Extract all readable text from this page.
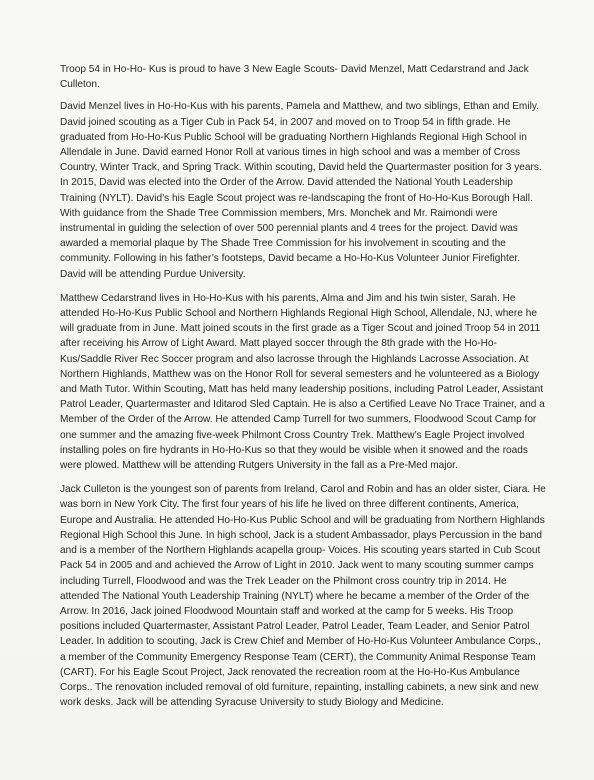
Troop 54 in Ho-Ho- Kus is proud to have 3 New Eagle Scouts- David Menzel, Matt Cedarstrand and Jack Culleton.

David Menzel lives in Ho-Ho-Kus with his parents, Pamela and Matthew, and two siblings, Ethan and Emily. David joined scouting as a Tiger Cub in Pack 54, in 2007 and moved on to Troop 54 in fifth grade. He graduated from Ho-Ho-Kus Public School will be graduating Northern Highlands Regional High School in Allendale in June. David earned Honor Roll at various times in high school and was a member of Cross Country, Winter Track, and Spring Track. Within scouting, David held the Quartermaster position for 3 years. In 2015, David was elected into the Order of the Arrow. David attended the National Youth Leadership Training (NYLT). David’s his Eagle Scout project was re-landscaping the front of Ho-Ho-Kus Borough Hall. With guidance from the Shade Tree Commission members, Mrs. Monchek and Mr. Raimondi were instrumental in guiding the selection of over 500 perennial plants and 4 trees for the project. David was awarded a memorial plaque by The Shade Tree Commission for his involvement in scouting and the community. Following in his father’s footsteps, David became a Ho-Ho-Kus Volunteer Junior Firefighter. David will be attending Purdue University.

Matthew Cedarstrand lives in Ho-Ho-Kus with his parents, Alma and Jim and his twin sister, Sarah. He attended Ho-Ho-Kus Public School and Northern Highlands Regional High School, Allendale, NJ, where he will graduate from in June. Matt joined scouts in the first grade as a Tiger Scout and joined Troop 54 in 2011 after receiving his Arrow of Light Award. Matt played soccer through the 8th grade with the Ho-Ho-Kus/Saddle River Rec Soccer program and also lacrosse through the Highlands Lacrosse Association. At Northern Highlands, Matthew was on the Honor Roll for several semesters and he volunteered as a Biology and Math Tutor. Within Scouting, Matt has held many leadership positions, including Patrol Leader, Assistant Patrol Leader, Quartermaster and Iditarod Sled Captain. He is also a Certified Leave No Trace Trainer, and a Member of the Order of the Arrow. He attended Camp Turrell for two summers, Floodwood Scout Camp for one summer and the amazing five-week Philmont Cross Country Trek. Matthew’s Eagle Project involved installing poles on fire hydrants in Ho-Ho-Kus so that they would be visible when it snowed and the roads were plowed. Matthew will be attending Rutgers University in the fall as a Pre-Med major.

Jack Culleton is the youngest son of parents from Ireland, Carol and Robin and has an older sister, Ciara. He was born in New York City. The first four years of his life he lived on three different continents, America, Europe and Australia. He attended Ho-Ho-Kus Public School and will be graduating from Northern Highlands Regional High School this June. In high school, Jack is a student Ambassador, plays Percussion in the band and is a member of the Northern Highlands acapella group- Voices. His scouting years started in Cub Scout Pack 54 in 2005 and and achieved the Arrow of Light in 2010. Jack went to many scouting summer camps including Turrell, Floodwood and was the Trek Leader on the Philmont cross country trip in 2014. He attended The National Youth Leadership Training (NYLT) where he became a member of the Order of the Arrow. In 2016, Jack joined Floodwood Mountain staff and worked at the camp for 5 weeks. His Troop positions included Quartermaster, Assistant Patrol Leader, Patrol Leader, Team Leader, and Senior Patrol Leader. In addition to scouting, Jack is Crew Chief and Member of Ho-Ho-Kus Volunteer Ambulance Corps., a member of the Community Emergency Response Team (CERT), the Community Animal Response Team (CART). For his Eagle Scout Project, Jack renovated the recreation room at the Ho-Ho-Kus Ambulance Corps.. The renovation included removal of old furniture, repainting, installing cabinets, a new sink and new work desks. Jack will be attending Syracuse University to study Biology and Medicine.
